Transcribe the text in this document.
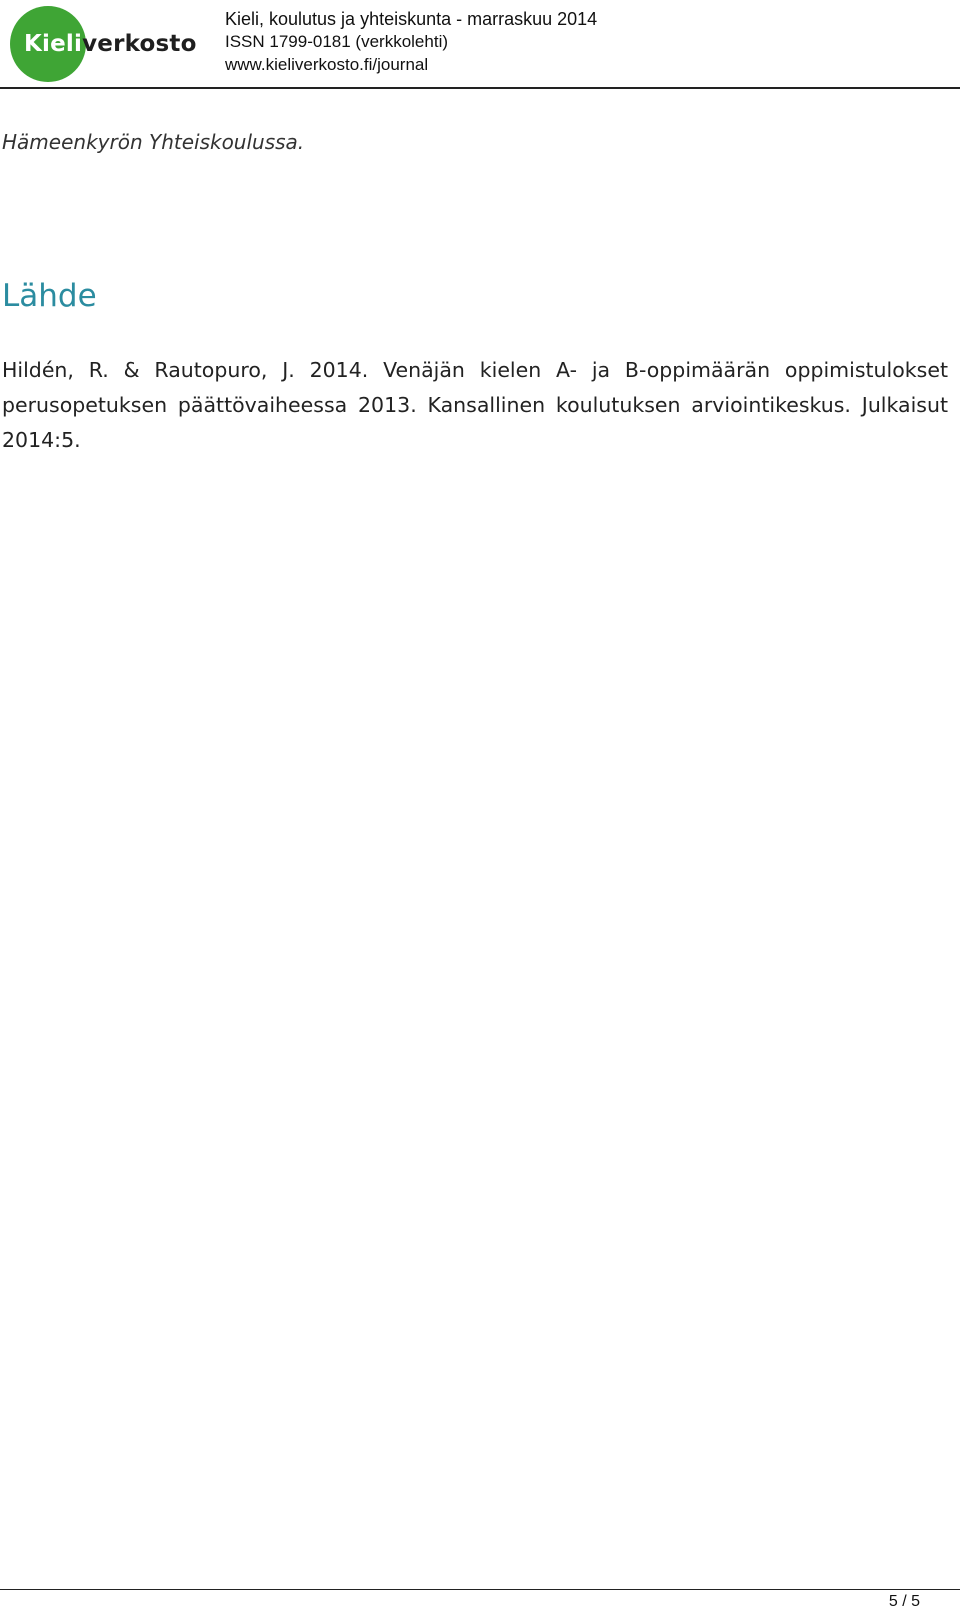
Kieliverkosto
Kieli, koulutus ja yhteiskunta - marraskuu 2014
ISSN 1799-0181 (verkkolehti)
www.kieliverkosto.fi/journal

Hämeenkyrön Yhteiskoulussa.

Lähde

Hildén, R. & Rautopuro, J. 2014. Venäjän kielen A- ja B-oppimäärän oppimistulokset perusopetuksen päättövaiheessa 2013. Kansallinen koulutuksen arviointikeskus. Julkaisut 2014:5.

5 / 5
